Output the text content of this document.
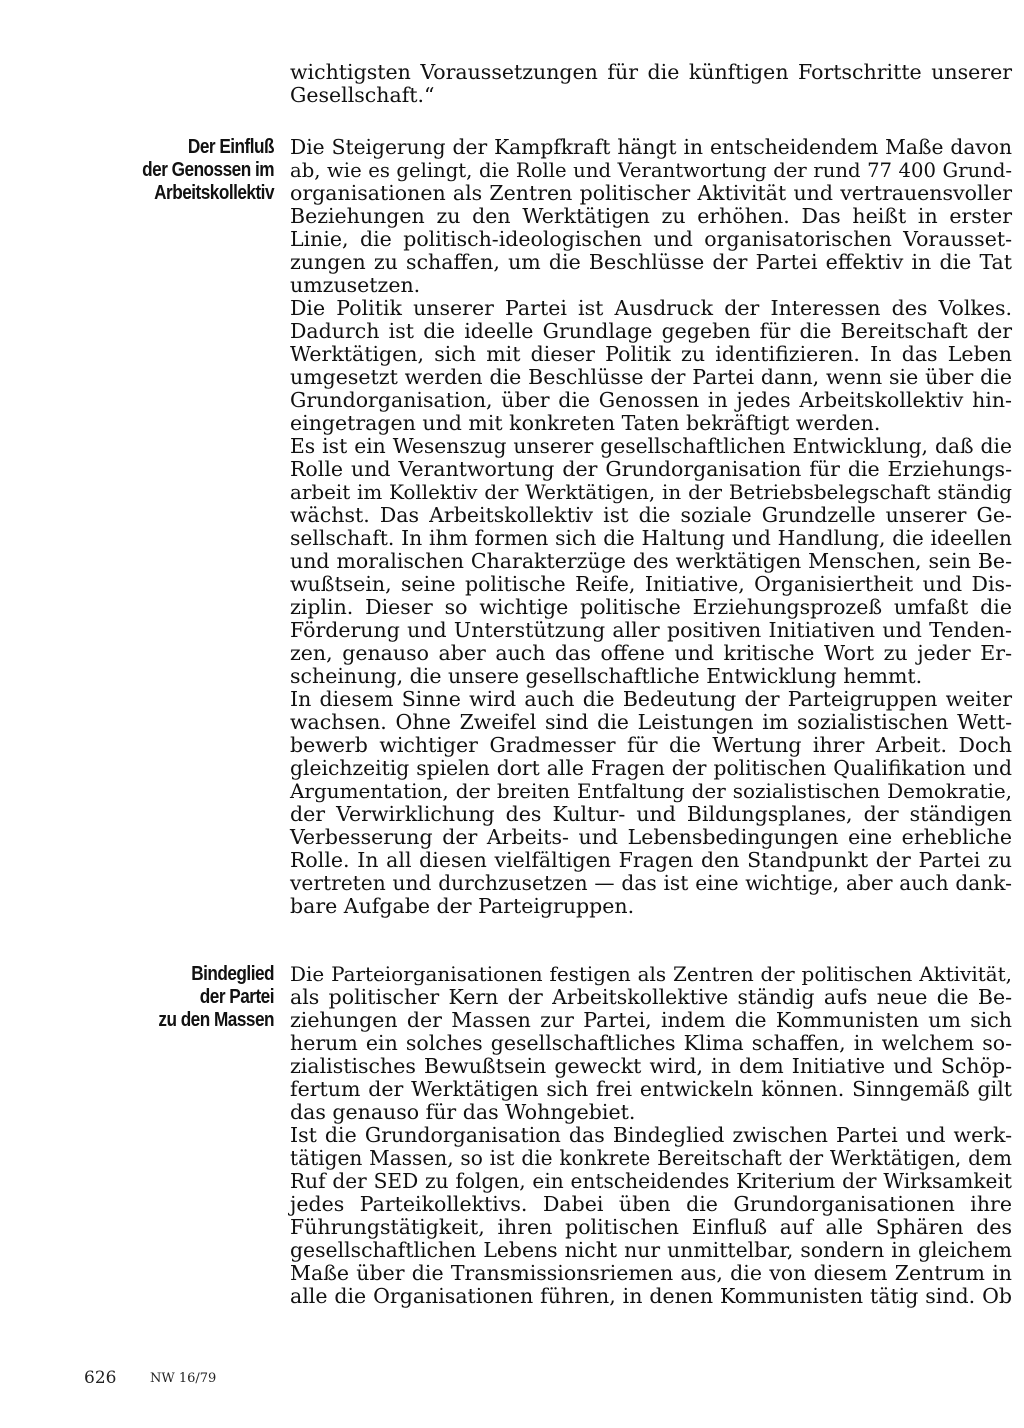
Der Einfluß
der Genossen im
Arbeitskollektiv
Bindeglied
der Partei
zu den Massen
wichtigsten Voraussetzungen für die künftigen Fortschritte unserer
Gesellschaft.“
Die Steigerung der Kampfkraft hängt in entscheidendem Maße davon
ab, wie es gelingt, die Rolle und Verantwortung der rund 77 400 Grund-
organisationen als Zentren politischer Aktivität und vertrauensvoller
Beziehungen zu den Werktätigen zu erhöhen. Das heißt in erster
Linie, die politisch-ideologischen und organisatorischen Vorausset-
zungen zu schaffen, um die Beschlüsse der Partei effektiv in die Tat
umzusetzen.
Die Politik unserer Partei ist Ausdruck der Interessen des Volkes.
Dadurch ist die ideelle Grundlage gegeben für die Bereitschaft der
Werktätigen, sich mit dieser Politik zu identifizieren. In das Leben
umgesetzt werden die Beschlüsse der Partei dann, wenn sie über die
Grundorganisation, über die Genossen in jedes Arbeitskollektiv hin-
eingetragen und mit konkreten Taten bekräftigt werden.
Es ist ein Wesenszug unserer gesellschaftlichen Entwicklung, daß die
Rolle und Verantwortung der Grundorganisation für die Erziehungs-
arbeit im Kollektiv der Werktätigen, in der Betriebsbelegschaft ständig
wächst. Das Arbeitskollektiv ist die soziale Grundzelle unserer Ge-
sellschaft. In ihm formen sich die Haltung und Handlung, die ideellen
und moralischen Charakterzüge des werktätigen Menschen, sein Be-
wußtsein, seine politische Reife, Initiative, Organisiertheit und Dis-
ziplin. Dieser so wichtige politische Erziehungsprozeß umfaßt die
Förderung und Unterstützung aller positiven Initiativen und Tenden-
zen, genauso aber auch das offene und kritische Wort zu jeder Er-
scheinung, die unsere gesellschaftliche Entwicklung hemmt.
In diesem Sinne wird auch die Bedeutung der Parteigruppen weiter
wachsen. Ohne Zweifel sind die Leistungen im sozialistischen Wett-
bewerb wichtiger Gradmesser für die Wertung ihrer Arbeit. Doch
gleichzeitig spielen dort alle Fragen der politischen Qualifikation und
Argumentation, der breiten Entfaltung der sozialistischen Demokratie,
der Verwirklichung des Kultur- und Bildungsplanes, der ständigen
Verbesserung der Arbeits- und Lebensbedingungen eine erhebliche
Rolle. In all diesen vielfältigen Fragen den Standpunkt der Partei zu
vertreten und durchzusetzen — das ist eine wichtige, aber auch dank-
bare Aufgabe der Parteigruppen.
Die Parteiorganisationen festigen als Zentren der politischen Aktivität,
als politischer Kern der Arbeitskollektive ständig aufs neue die Be-
ziehungen der Massen zur Partei, indem die Kommunisten um sich
herum ein solches gesellschaftliches Klima schaffen, in welchem so-
zialistisches Bewußtsein geweckt wird, in dem Initiative und Schöp-
fertum der Werktätigen sich frei entwickeln können. Sinngemäß gilt
das genauso für das Wohngebiet.
Ist die Grundorganisation das Bindeglied zwischen Partei und werk-
tätigen Massen, so ist die konkrete Bereitschaft der Werktätigen, dem
Ruf der SED zu folgen, ein entscheidendes Kriterium der Wirksamkeit
jedes Parteikollektivs. Dabei üben die Grundorganisationen ihre
Führungstätigkeit, ihren politischen Einfluß auf alle Sphären des
gesellschaftlichen Lebens nicht nur unmittelbar, sondern in gleichem
Maße über die Transmissionsriemen aus, die von diesem Zentrum in
alle die Organisationen führen, in denen Kommunisten tätig sind. Ob
626	NW 16/79
